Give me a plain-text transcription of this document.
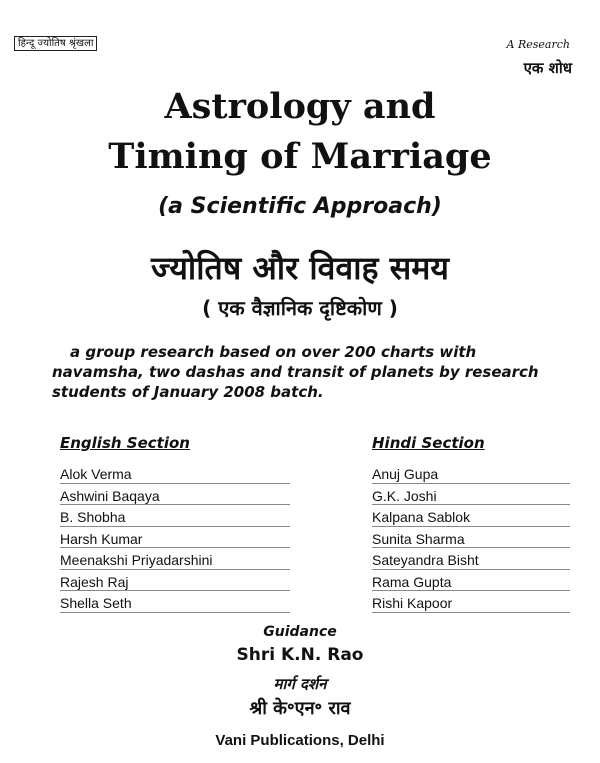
हिन्दू ज्योतिष श्रृंखला	A Research
एक शोध
Astrology and
Timing of Marriage
(a Scientific Approach)
ज्योतिष और विवाह समय
( एक वैज्ञानिक दृष्टिकोण )
a group research based on over 200 charts with
navamsha, two dashas and transit of planets by research
students of January 2008 batch.
English Section	Hindi Section
Alok Verma
Ashwini Baqaya
B. Shobha
Harsh Kumar
Meenakshi Priyadarshini
Rajesh Raj
Shella Seth
Anuj Gupa
G.K. Joshi
Kalpana Sablok
Sunita Sharma
Sateyandra Bisht
Rama Gupta
Rishi Kapoor
Guidance
Shri K.N. Rao
मार्ग दर्शन
श्री के॰एन॰ राव
Vani Publications, Delhi
